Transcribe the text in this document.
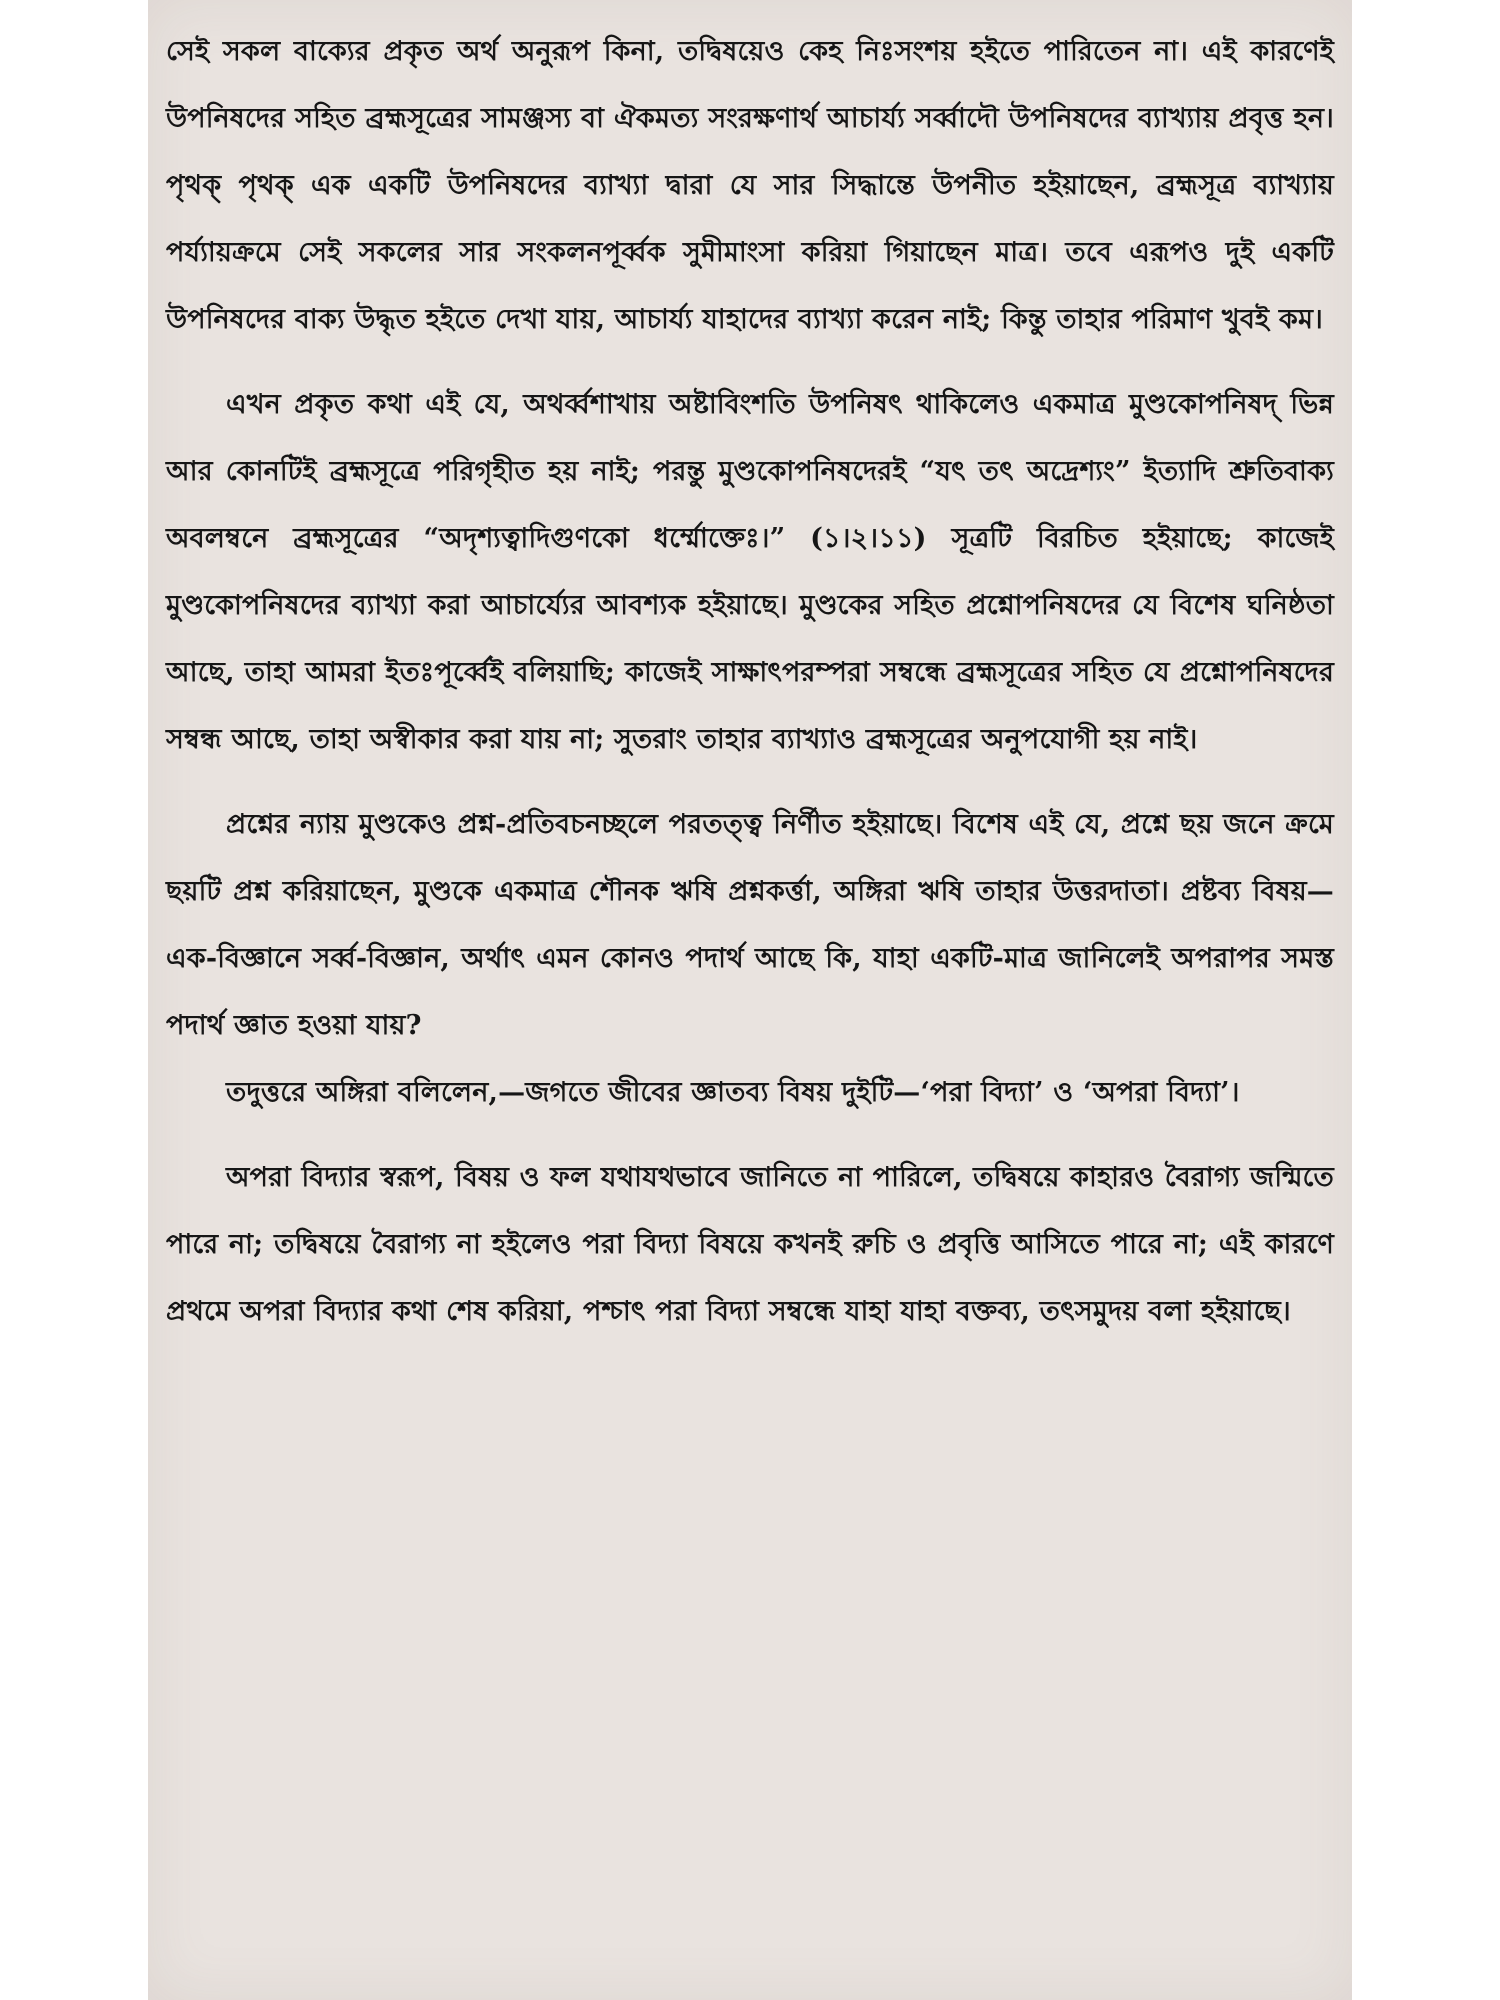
সেই সকল বাক্যের প্রকৃত অর্থ অনুরূপ কিনা, তদ্বিষয়েও কেহ নিঃসংশয় হইতে পারিতেন না। এই কারণেই উপনিষদের সহিত ব্রহ্মসূত্রের সামঞ্জস্য বা ঐকমত্য সংরক্ষণার্থ আচার্য্য সর্ব্বাদৌ উপনিষদের ব্যাখ্যায় প্রবৃত্ত হন। পৃথক্ পৃথক্ এক একটি উপনিষদের ব্যাখ্যা দ্বারা যে সার সিদ্ধান্তে উপনীত হইয়াছেন, ব্রহ্মসূত্র ব্যাখ্যায় পর্য্যায়ক্রমে সেই সকলের সার সংকলনপূর্ব্বক সুমীমাংসা করিয়া গিয়াছেন মাত্র। তবে এরূপও দুই একটি উপনিষদের বাক্য উদ্ধৃত হইতে দেখা যায়, আচার্য্য যাহাদের ব্যাখ্যা করেন নাই; কিন্তু তাহার পরিমাণ খুবই কম।

এখন প্রকৃত কথা এই যে, অথর্ব্বশাখায় অষ্টাবিংশতি উপনিষৎ থাকিলেও একমাত্র মুণ্ডকোপনিষদ্ ভিন্ন আর কোনটিই ব্রহ্মসূত্রে পরিগৃহীত হয় নাই; পরন্তু মুণ্ডকোপনিষদেরই “যৎ তৎ অদ্রেশ্যং” ইত্যাদি শ্রুতিবাক্য অবলম্বনে ব্রহ্মসূত্রের “অদৃশ্যত্বাদিগুণকো ধর্ম্মোক্তেঃ।” (১।২।১১) সূত্রটি বিরচিত হইয়াছে; কাজেই মুণ্ডকোপনিষদের ব্যাখ্যা করা আচার্য্যের আবশ্যক হইয়াছে। মুণ্ডকের সহিত প্রশ্নোপনিষদের যে বিশেষ ঘনিষ্ঠতা আছে, তাহা আমরা ইতঃপূর্ব্বেই বলিয়াছি; কাজেই সাক্ষাৎপরম্পরা সম্বন্ধে ব্রহ্মসূত্রের সহিত যে প্রশ্নোপনিষদের সম্বন্ধ আছে, তাহা অস্বীকার করা যায় না; সুতরাং তাহার ব্যাখ্যাও ব্রহ্মসূত্রের অনুপযোগী হয় নাই।

প্রশ্নের ন্যায় মুণ্ডকেও প্রশ্ন-প্রতিবচনচ্ছলে পরতত্ত্ব নির্ণীত হইয়াছে। বিশেষ এই যে, প্রশ্নে ছয় জনে ক্রমে ছয়টি প্রশ্ন করিয়াছেন, মুণ্ডকে একমাত্র শৌনক ঋষি প্রশ্নকর্ত্তা, অঙ্গিরা ঋষি তাহার উত্তরদাতা। প্রষ্টব্য বিষয়—এক-বিজ্ঞানে সর্ব্ব-বিজ্ঞান, অর্থাৎ এমন কোনও পদার্থ আছে কি, যাহা একটি-মাত্র জানিলেই অপরাপর সমস্ত পদার্থ জ্ঞাত হওয়া যায়?

তদুত্তরে অঙ্গিরা বলিলেন,—জগতে জীবের জ্ঞাতব্য বিষয় দুইটি—‘পরা বিদ্যা’ ও ‘অপরা বিদ্যা’।

অপরা বিদ্যার স্বরূপ, বিষয় ও ফল যথাযথভাবে জানিতে না পারিলে, তদ্বিষয়ে কাহারও বৈরাগ্য জন্মিতে পারে না; তদ্বিষয়ে বৈরাগ্য না হইলেও পরা বিদ্যা বিষয়ে কখনই রুচি ও প্রবৃত্তি আসিতে পারে না; এই কারণে প্রথমে অপরা বিদ্যার কথা শেষ করিয়া, পশ্চাৎ পরা বিদ্যা সম্বন্ধে যাহা যাহা বক্তব্য, তৎসমুদয় বলা হইয়াছে।
